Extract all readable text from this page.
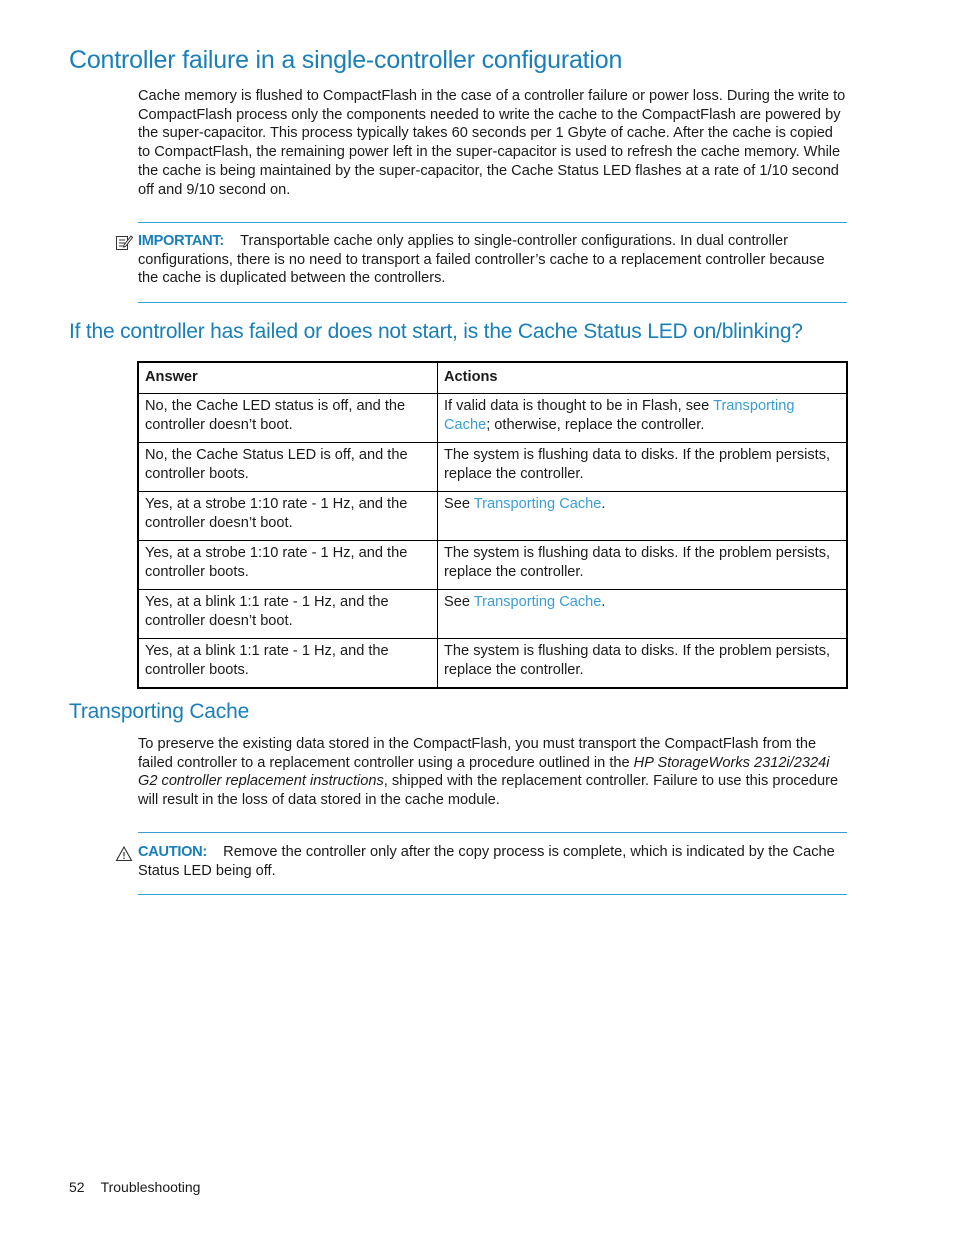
Controller failure in a single-controller configuration

Cache memory is flushed to CompactFlash in the case of a controller failure or power loss. During the write to CompactFlash process only the components needed to write the cache to the CompactFlash are powered by the super-capacitor. This process typically takes 60 seconds per 1 Gbyte of cache. After the cache is copied to CompactFlash, the remaining power left in the super-capacitor is used to refresh the cache memory. While the cache is being maintained by the super-capacitor, the Cache Status LED flashes at a rate of 1/10 second off and 9/10 second on.

IMPORTANT: Transportable cache only applies to single-controller configurations. In dual controller configurations, there is no need to transport a failed controller’s cache to a replacement controller because the cache is duplicated between the controllers.

If the controller has failed or does not start, is the Cache Status LED on/blinking?
Answer	Actions
No, the Cache LED status is off, and the controller doesn’t boot.	If valid data is thought to be in Flash, see Transporting Cache; otherwise, replace the controller.
No, the Cache Status LED is off, and the controller boots.	The system is flushing data to disks. If the problem persists, replace the controller.
Yes, at a strobe 1:10 rate - 1 Hz, and the controller doesn’t boot.	See Transporting Cache.
Yes, at a strobe 1:10 rate - 1 Hz, and the controller boots.	The system is flushing data to disks. If the problem persists, replace the controller.
Yes, at a blink 1:1 rate - 1 Hz, and the controller doesn’t boot.	See Transporting Cache.
Yes, at a blink 1:1 rate - 1 Hz, and the controller boots.	The system is flushing data to disks. If the problem persists, replace the controller.
Transporting Cache

To preserve the existing data stored in the CompactFlash, you must transport the CompactFlash from the failed controller to a replacement controller using a procedure outlined in the HP StorageWorks 2312i/2324i G2 controller replacement instructions, shipped with the replacement controller. Failure to use this procedure will result in the loss of data stored in the cache module.

CAUTION: Remove the controller only after the copy process is complete, which is indicated by the Cache Status LED being off.

52 Troubleshooting
